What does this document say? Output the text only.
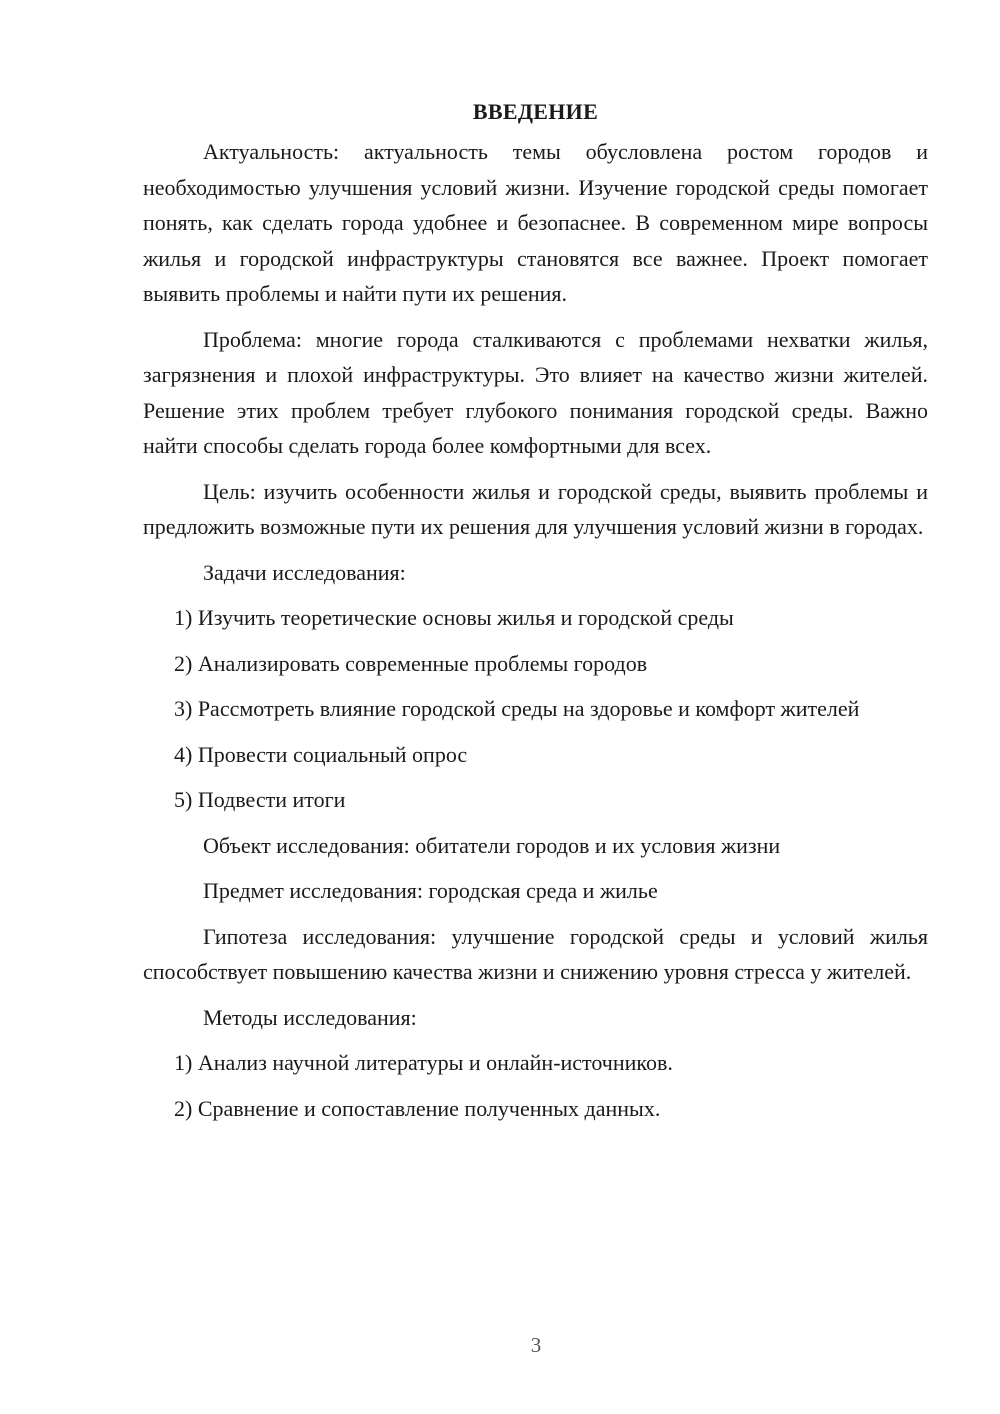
ВВЕДЕНИЕ

Актуальность: актуальность темы обусловлена ростом городов и необходимостью улучшения условий жизни. Изучение городской среды помогает понять, как сделать города удобнее и безопаснее. В современном мире вопросы жилья и городской инфраструктуры становятся все важнее. Проект помогает выявить проблемы и найти пути их решения.

Проблема: многие города сталкиваются с проблемами нехватки жилья, загрязнения и плохой инфраструктуры. Это влияет на качество жизни жителей. Решение этих проблем требует глубокого понимания городской среды. Важно найти способы сделать города более комфортными для всех.

Цель: изучить особенности жилья и городской среды, выявить проблемы и предложить возможные пути их решения для улучшения условий жизни в городах.

Задачи исследования:

1) Изучить теоретические основы жилья и городской среды

2) Анализировать современные проблемы городов

3) Рассмотреть влияние городской среды на здоровье и комфорт жителей

4) Провести социальный опрос

5) Подвести итоги

Объект исследования: обитатели городов и их условия жизни

Предмет исследования: городская среда и жилье

Гипотеза исследования: улучшение городской среды и условий жилья способствует повышению качества жизни и снижению уровня стресса у жителей.

Методы исследования:

1) Анализ научной литературы и онлайн-источников.

2) Сравнение и сопоставление полученных данных.

3
